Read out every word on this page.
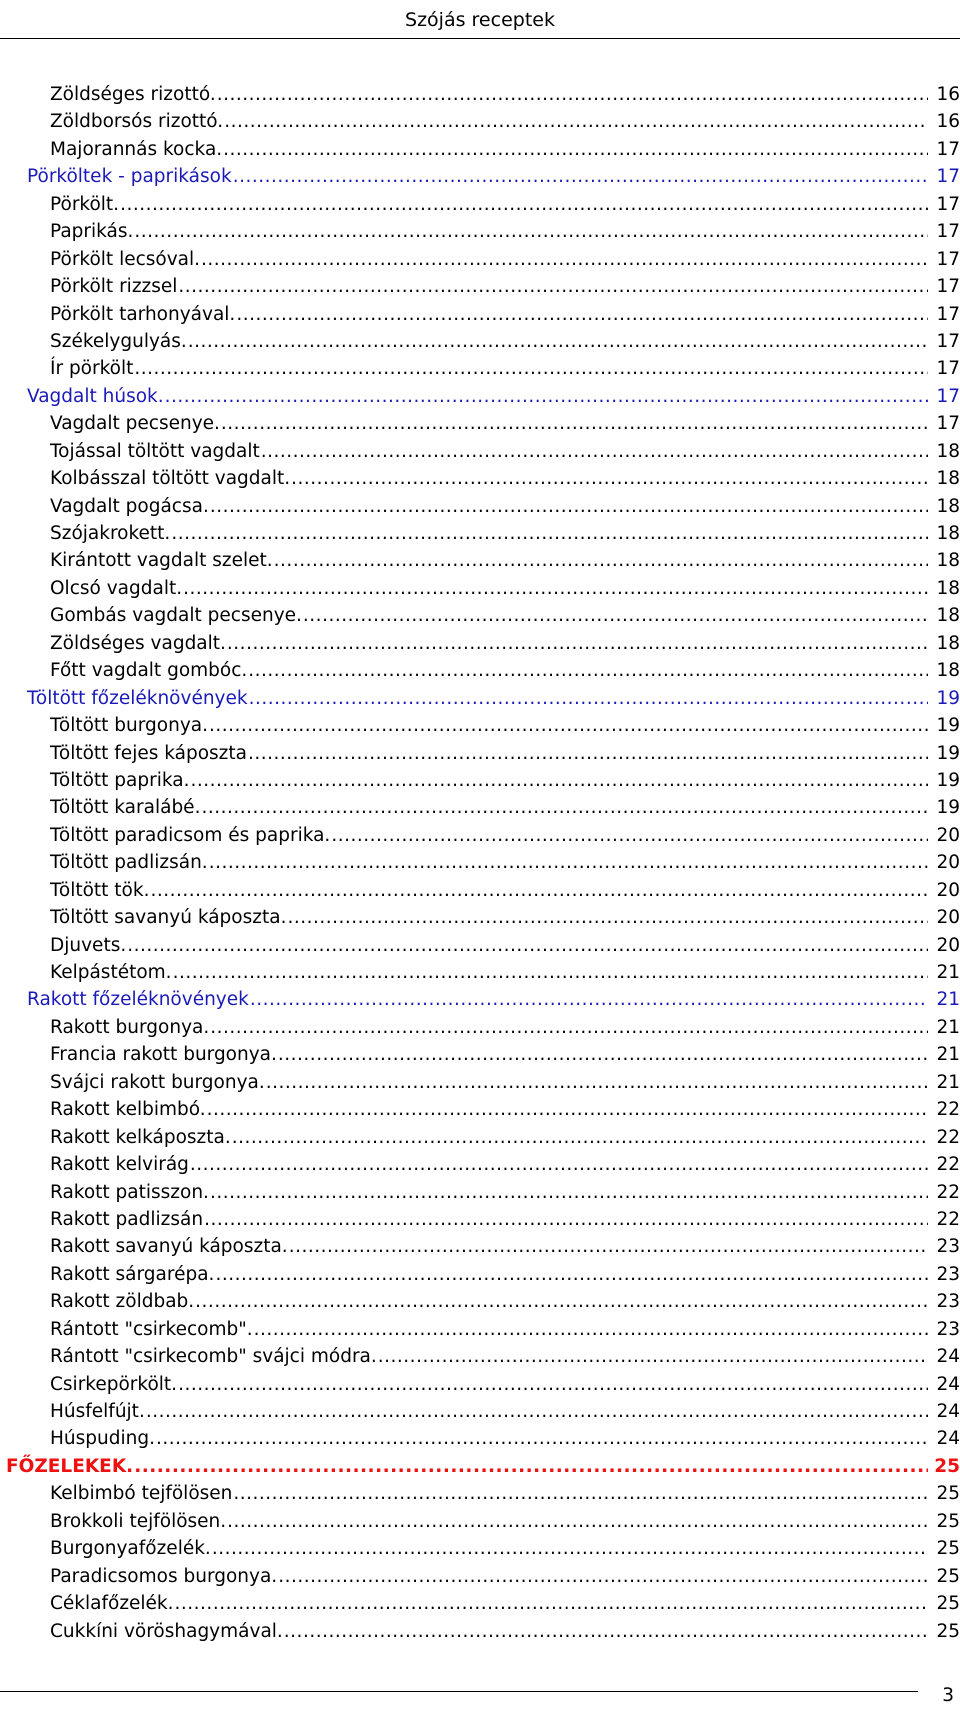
Szójás receptek
Zöldséges rizottó. .....	16
Zöldborsós rizottó. .....	16
Majorannás kocka. .....	17
Pörköltek - paprikások .....	17
Pörkölt. .....	17
Paprikás. .....	17
Pörkölt lecsóval. .....	17
Pörkölt rizzsel .....	17
Pörkölt tarhonyával. .....	17
Székelygulyás. .....	17
Ír pörkölt .....	17
Vagdalt húsok. .....	17
Vagdalt pecsenye. .....	17
Tojással töltött vagdalt .....	18
Kolbásszal töltött vagdalt. .....	18
Vagdalt pogácsa. .....	18
Szójakrokett. .....	18
Kirántott vagdalt szelet. .....	18
Olcsó vagdalt. .....	18
Gombás vagdalt pecsenye. .....	18
Zöldséges vagdalt. .....	18
Főtt vagdalt gombóc. .....	18
Töltött főzeléknövények .....	19
Töltött burgonya. .....	19
Töltött fejes káposzta .....	19
Töltött paprika. .....	19
Töltött karalábé. .....	19
Töltött paradicsom és paprika. .....	20
Töltött padlizsán. .....	20
Töltött tök. .....	20
Töltött savanyú káposzta. .....	20
Djuvets. .....	20
Kelpástétom. .....	21
Rakott főzeléknövények .....	21
Rakott burgonya. .....	21
Francia rakott burgonya. .....	21
Svájci rakott burgonya. .....	21
Rakott kelbimbó. .....	22
Rakott kelkáposzta. .....	22
Rakott kelvirág .....	22
Rakott patisszon. .....	22
Rakott padlizsán .....	22
Rakott savanyú káposzta. .....	23
Rakott sárgarépa. .....	23
Rakott zöldbab. .....	23
Rántott "csirkecomb". .....	23
Rántott "csirkecomb" svájci módra. .....	24
Csirkepörkölt. .....	24
Húsfelfújt. .....	24
Húspuding. .....	24
FŐZELEKEK. .....	25
Kelbimbó tejfölösen .....	25
Brokkoli tejfölösen. .....	25
Burgonyafőzelék. .....	25
Paradicsomos burgonya. .....	25
Céklafőzelék. .....	25
Cukkíni vöröshagymával. .....	25
3
